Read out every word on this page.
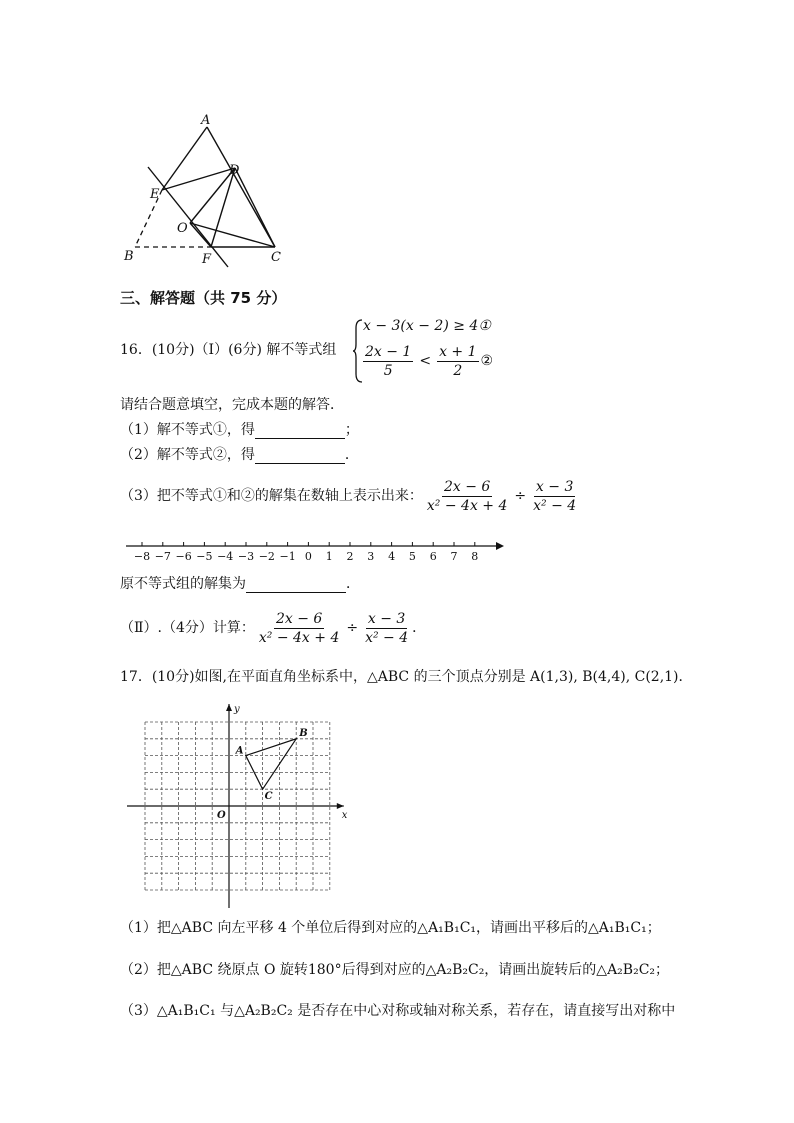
A
D
E
O
B	F	C
三、解答题（共 75 分）
16．(10分)（Ⅰ）(6分) 解不等式组
x − 3(x − 2) ≥ 4①
$\frac{2x - 1}{5} < \frac{x + 1}{2}$ ②
请结合题意填空，完成本题的解答．
（1）解不等式①，得	；
（2）解不等式②，得	．
（3）把不等式①和②的解集在数轴上表示出来： $\frac{2x - 6}{\text{x² − 4x + 4}} \div \frac{x - 3}{\text{x² − 4}}$
−8 −7 −6 −5 −4 −3 −2 −1 0 1 2 3 4 5 6 7 8
原不等式组的解集为	．
（Ⅱ）.（4分）计算： $\frac{2x - 6}{\text{x² − 4x + 4}} \div \frac{x - 3}{\text{x² − 4}}$ ．
17．(10分)如图,在平面直角坐标系中，△ABC 的三个顶点分别是 A(1,3), B(4,4), C(2,1)．
x
y
O
A
B
C
（1）把△ABC 向左平移 4 个单位后得到对应的△A₁B₁C₁，请画出平移后的△A₁B₁C₁；
（2）把△ABC 绕原点 O 旋转180°后得到对应的△A₂B₂C₂，请画出旋转后的△A₂B₂C₂；
（3）△A₁B₁C₁ 与△A₂B₂C₂ 是否存在中心对称或轴对称关系，若存在，请直接写出对称中
